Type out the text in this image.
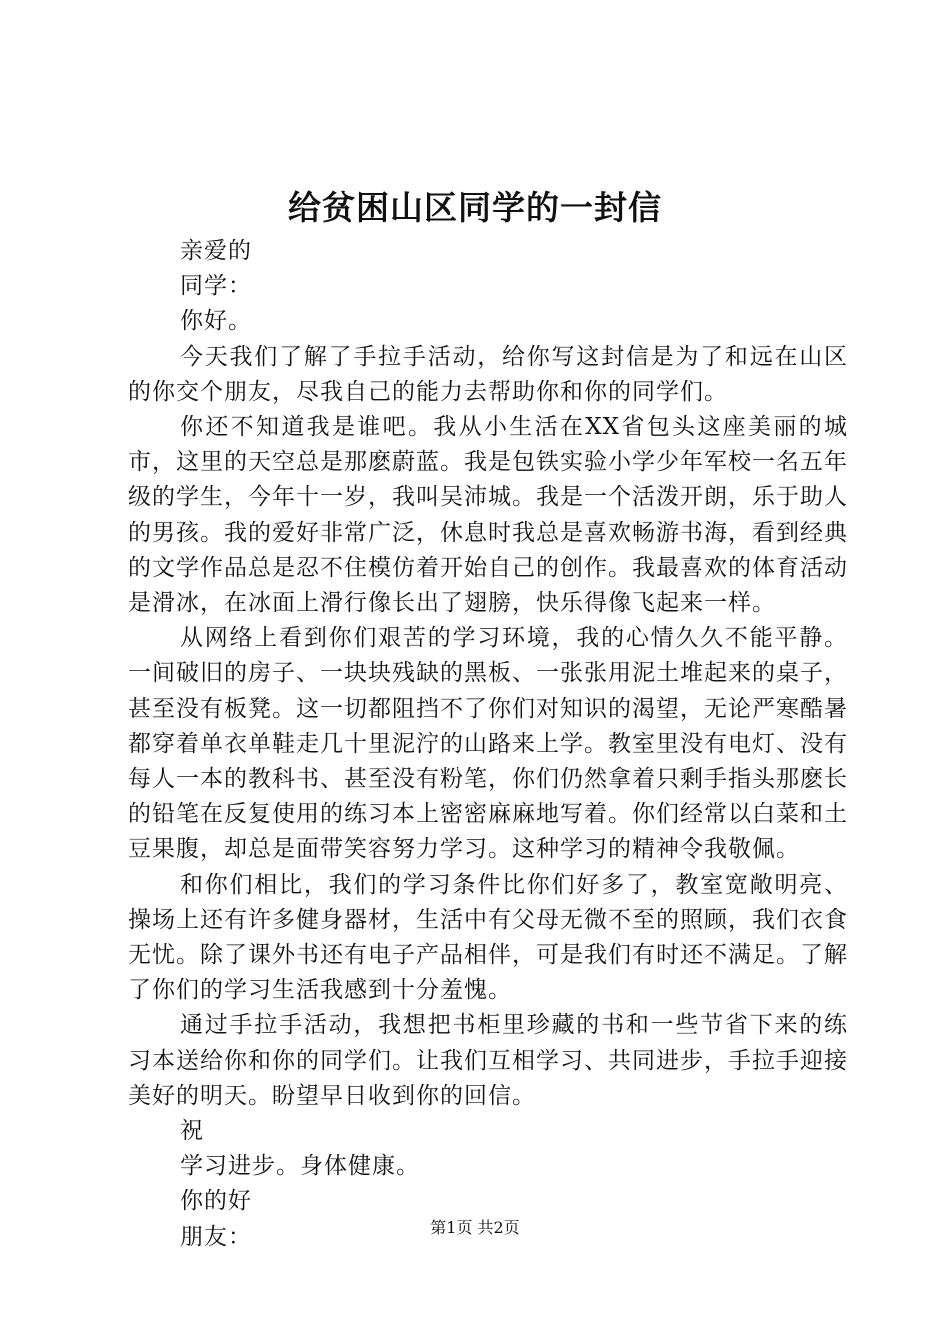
给贫困山区同学的一封信
亲爱的
同学：
你好。

今天我们了解了手拉手活动，给你写这封信是为了和远在山区的你交个朋友，尽我自己的能力去帮助你和你的同学们。

你还不知道我是谁吧。我从小生活在XX省包头这座美丽的城市，这里的天空总是那麽蔚蓝。我是包铁实验小学少年军校一名五年级的学生，今年十一岁，我叫吴沛城。我是一个活泼开朗，乐于助人的男孩。我的爱好非常广泛，休息时我总是喜欢畅游书海，看到经典的文学作品总是忍不住模仿着开始自己的创作。我最喜欢的体育活动是滑冰，在冰面上滑行像长出了翅膀，快乐得像飞起来一样。

从网络上看到你们艰苦的学习环境，我的心情久久不能平静。一间破旧的房子、一块块残缺的黑板、一张张用泥土堆起来的桌子，甚至没有板凳。这一切都阻挡不了你们对知识的渴望，无论严寒酷暑都穿着单衣单鞋走几十里泥泞的山路来上学。教室里没有电灯、没有每人一本的教科书、甚至没有粉笔，你们仍然拿着只剩手指头那麽长的铅笔在反复使用的练习本上密密麻麻地写着。你们经常以白菜和土豆果腹，却总是面带笑容努力学习。这种学习的精神令我敬佩。

和你们相比，我们的学习条件比你们好多了，教室宽敞明亮、操场上还有许多健身器材，生活中有父母无微不至的照顾，我们衣食无忧。除了课外书还有电子产品相伴，可是我们有时还不满足。了解了你们的学习生活我感到十分羞愧。

通过手拉手活动，我想把书柜里珍藏的书和一些节省下来的练习本送给你和你的同学们。让我们互相学习、共同进步，手拉手迎接美好的明天。盼望早日收到你的回信。

祝
学习进步。身体健康。
你的好
朋友：	第1页 共2页
